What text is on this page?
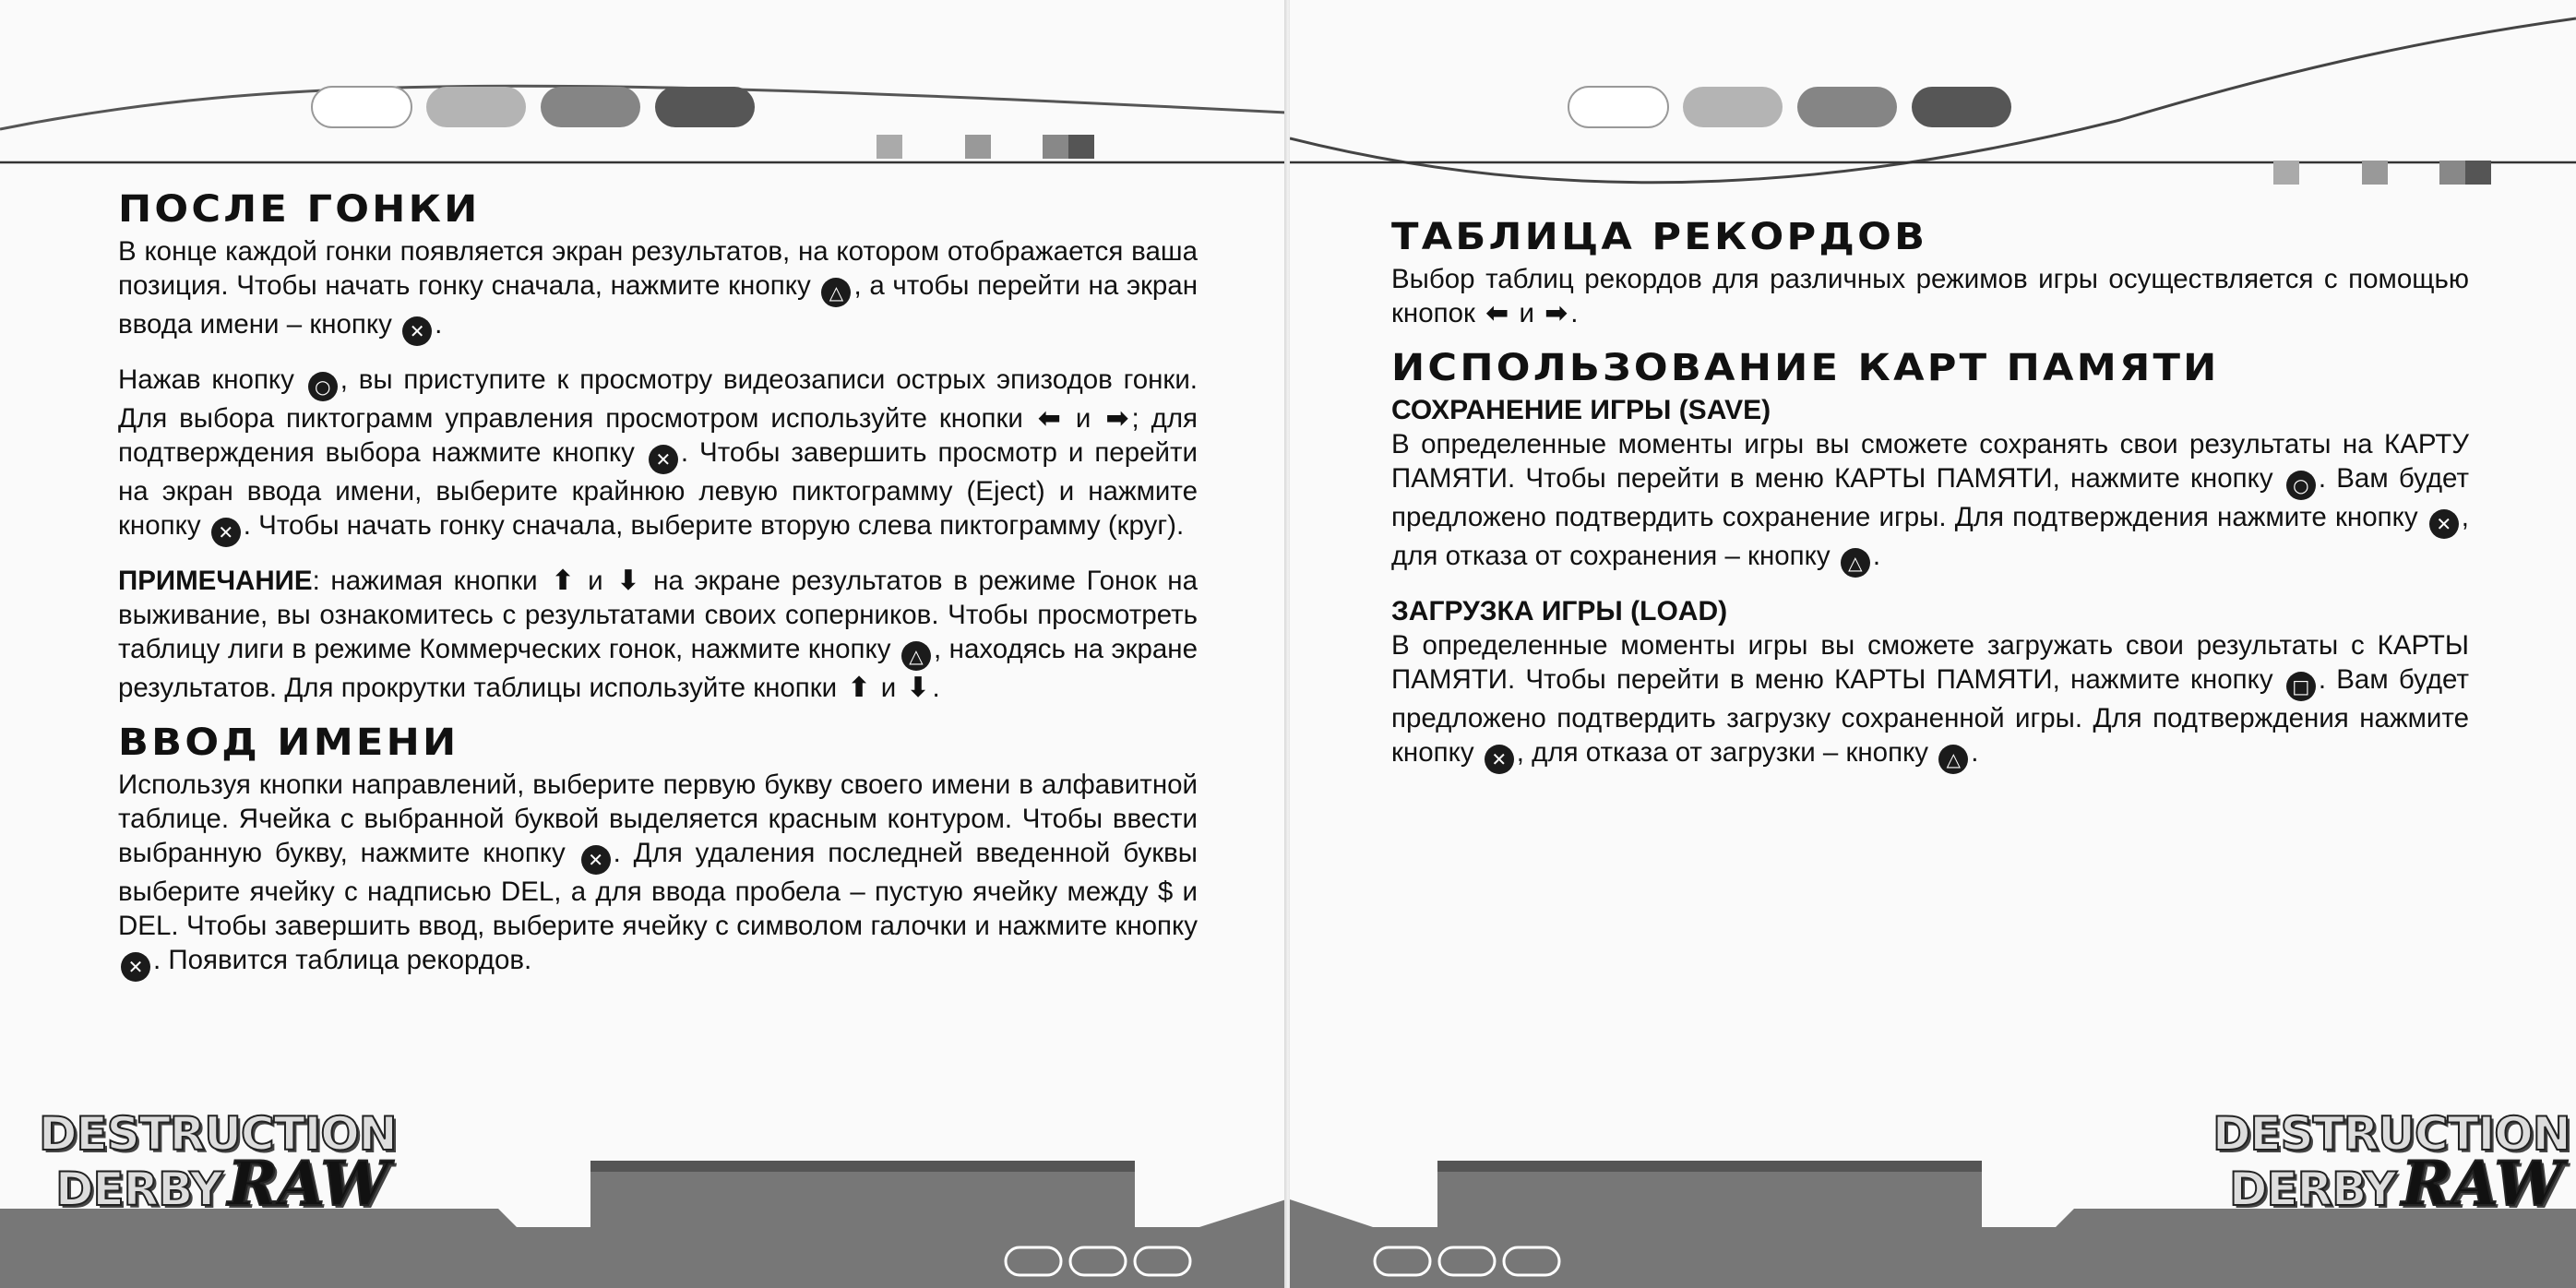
ПОСЛЕ ГОНКИ

В конце каждой гонки появляется экран результатов, на котором отображается ваша позиция. Чтобы начать гонку сначала, нажмите кнопку △ , а чтобы перейти на экран ввода имени – кнопку ✕ .

Нажав кнопку ○ , вы приступите к просмотру видеозаписи острых эпизодов гонки. Для выбора пиктограмм управления просмотром используйте кнопки ⬅ и ➡ ; для подтверждения выбора нажмите кнопку ✕ . Чтобы завершить просмотр и перейти на экран ввода имени, выберите крайнюю левую пиктограмму (Eject) и нажмите кнопку ✕ . Чтобы начать гонку сначала, выберите вторую слева пиктограмму (круг).

ПРИМЕЧАНИЕ: нажимая кнопки ⬆ и ⬇ на экране результатов в режиме Гонок на выживание, вы ознакомитесь с результатами своих соперников. Чтобы просмотреть таблицу лиги в режиме Коммерческих гонок, нажмите кнопку △ , находясь на экране результатов. Для прокрутки таблицы используйте кнопки ⬆ и ⬇ .

ВВОД ИМЕНИ

Используя кнопки направлений, выберите первую букву своего имени в алфавитной таблице. Ячейка с выбранной буквой выделяется красным контуром. Чтобы ввести выбранную букву, нажмите кнопку ✕ . Для удаления последней введенной буквы выберите ячейку с надписью DEL, а для ввода пробела – пустую ячейку между $ и DEL. Чтобы завершить ввод, выберите ячейку с символом галочки и нажмите кнопку ✕ . Появится таблица рекордов.

DESTRUCTION
DERBYRAW
ТАБЛИЦА РЕКОРДОВ

Выбор таблиц рекордов для различных режимов игры осуществляется с помощью кнопок ⬅ и ➡ .

ИСПОЛЬЗОВАНИЕ КАРТ ПАМЯТИ
СОХРАНЕНИЕ ИГРЫ (SAVE)

В определенные моменты игры вы сможете сохранять свои результаты на КАРТУ ПАМЯТИ. Чтобы перейти в меню КАРТЫ ПАМЯТИ, нажмите кнопку ○ . Вам будет предложено подтвердить сохранение игры. Для подтверждения нажмите кнопку ✕ , для отказа от сохранения – кнопку △ .

ЗАГРУЗКА ИГРЫ (LOAD)

В определенные моменты игры вы сможете загружать свои результаты с КАРТЫ ПАМЯТИ. Чтобы перейти в меню КАРТЫ ПАМЯТИ, нажмите кнопку □ . Вам будет предложено подтвердить загрузку сохраненной игры. Для подтверждения нажмите кнопку ✕ , для отказа от загрузки – кнопку △ .

DESTRUCTION
DERBYRAW
